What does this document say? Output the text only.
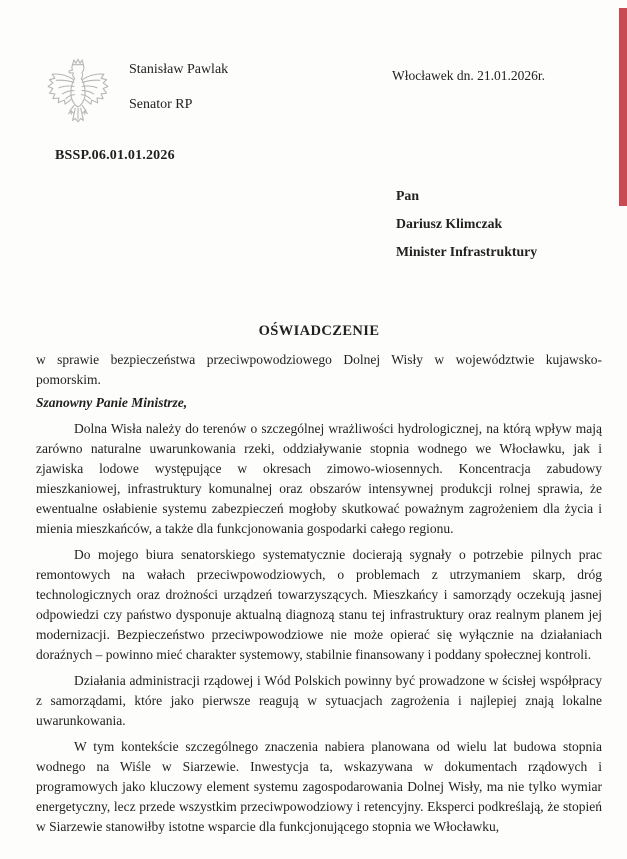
Stanisław Pawlak
Senator RP
Włocławek dn. 21.01.2026r.
BSSP.06.01.01.2026
Pan
Dariusz Klimczak
Minister Infrastruktury

OŚWIADCZENIE

w sprawie bezpieczeństwa przeciwpowodziowego Dolnej Wisły w województwie kujawsko-pomorskim.

Szanowny Panie Ministrze,

Dolna Wisła należy do terenów o szczególnej wrażliwości hydrologicznej, na którą wpływ mają zarówno naturalne uwarunkowania rzeki, oddziaływanie stopnia wodnego we Włocławku, jak i zjawiska lodowe występujące w okresach zimowo-wiosennych. Koncentracja zabudowy mieszkaniowej, infrastruktury komunalnej oraz obszarów intensywnej produkcji rolnej sprawia, że ewentualne osłabienie systemu zabezpieczeń mogłoby skutkować poważnym zagrożeniem dla życia i mienia mieszkańców, a także dla funkcjonowania gospodarki całego regionu.

Do mojego biura senatorskiego systematycznie docierają sygnały o potrzebie pilnych prac remontowych na wałach przeciwpowodziowych, o problemach z utrzymaniem skarp, dróg technologicznych oraz drożności urządzeń towarzyszących. Mieszkańcy i samorządy oczekują jasnej odpowiedzi czy państwo dysponuje aktualną diagnozą stanu tej infrastruktury oraz realnym planem jej modernizacji. Bezpieczeństwo przeciwpowodziowe nie może opierać się wyłącznie na działaniach doraźnych – powinno mieć charakter systemowy, stabilnie finansowany i poddany społecznej kontroli.

Działania administracji rządowej i Wód Polskich powinny być prowadzone w ścisłej współpracy z samorządami, które jako pierwsze reagują w sytuacjach zagrożenia i najlepiej znają lokalne uwarunkowania.

W tym kontekście szczególnego znaczenia nabiera planowana od wielu lat budowa stopnia wodnego na Wiśle w Siarzewie. Inwestycja ta, wskazywana w dokumentach rządowych i programowych jako kluczowy element systemu zagospodarowania Dolnej Wisły, ma nie tylko wymiar energetyczny, lecz przede wszystkim przeciwpowodziowy i retencyjny. Eksperci podkreślają, że stopień w Siarzewie stanowiłby istotne wsparcie dla funkcjonującego stopnia we Włocławku,
